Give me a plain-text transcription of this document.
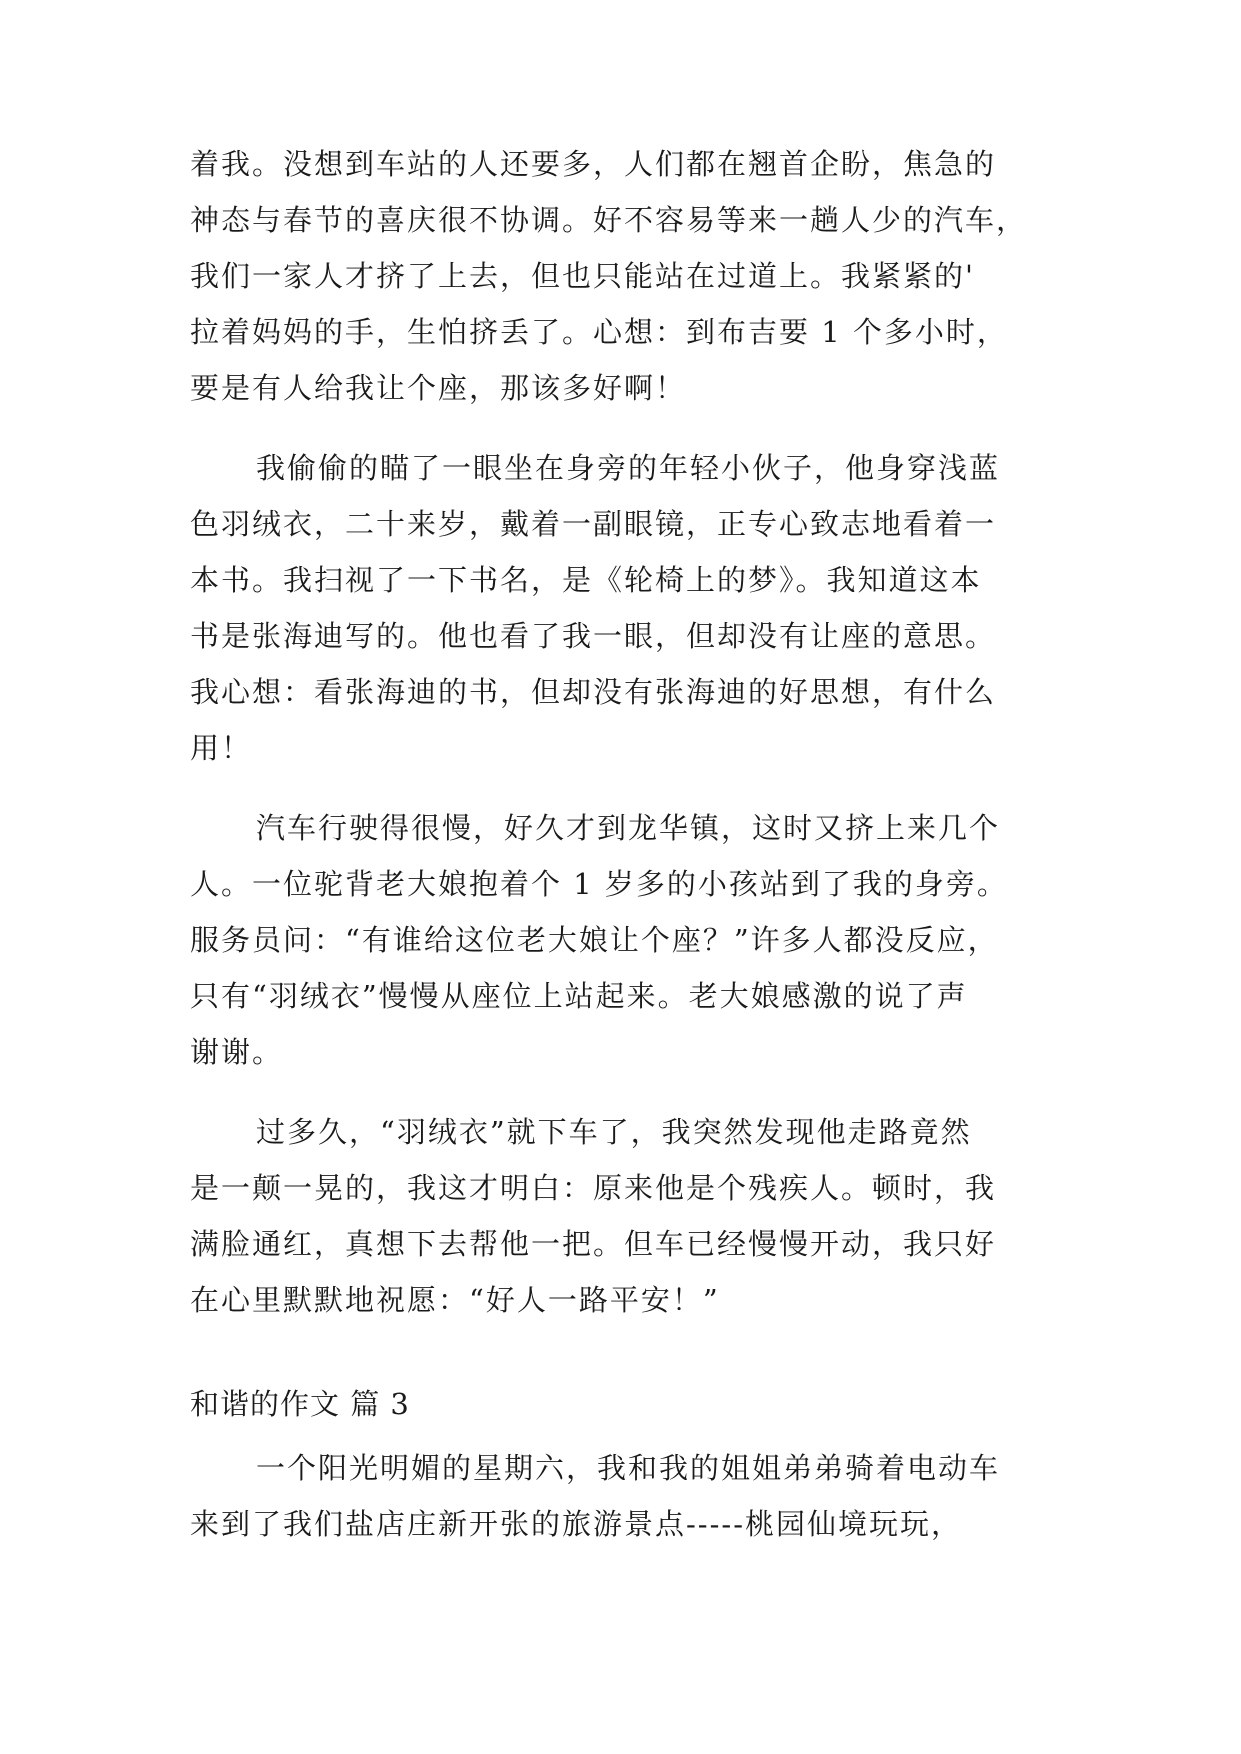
着我。没想到车站的人还要多，人们都在翘首企盼，焦急的
神态与春节的喜庆很不协调。好不容易等来一趟人少的汽车，
我们一家人才挤了上去，但也只能站在过道上。我紧紧的'
拉着妈妈的手，生怕挤丢了。心想：到布吉要 1 个多小时，
要是有人给我让个座，那该多好啊！
我偷偷的瞄了一眼坐在身旁的年轻小伙子，他身穿浅蓝
色羽绒衣，二十来岁，戴着一副眼镜，正专心致志地看着一
本书。我扫视了一下书名，是《轮椅上的梦》。我知道这本
书是张海迪写的。他也看了我一眼，但却没有让座的意思。
我心想：看张海迪的书，但却没有张海迪的好思想，有什么
用！
汽车行驶得很慢，好久才到龙华镇，这时又挤上来几个
人。一位驼背老大娘抱着个 1 岁多的小孩站到了我的身旁。
服务员问：“有谁给这位老大娘让个座？”许多人都没反应，
只有“羽绒衣”慢慢从座位上站起来。老大娘感激的说了声
谢谢。
过多久，“羽绒衣”就下车了，我突然发现他走路竟然
是一颠一晃的，我这才明白：原来他是个残疾人。顿时，我
满脸通红，真想下去帮他一把。但车已经慢慢开动，我只好
在心里默默地祝愿：“好人一路平安！”
和谐的作文 篇 3
一个阳光明媚的星期六，我和我的姐姐弟弟骑着电动车
来到了我们盐店庄新开张的旅游景点-----桃园仙境玩玩，
